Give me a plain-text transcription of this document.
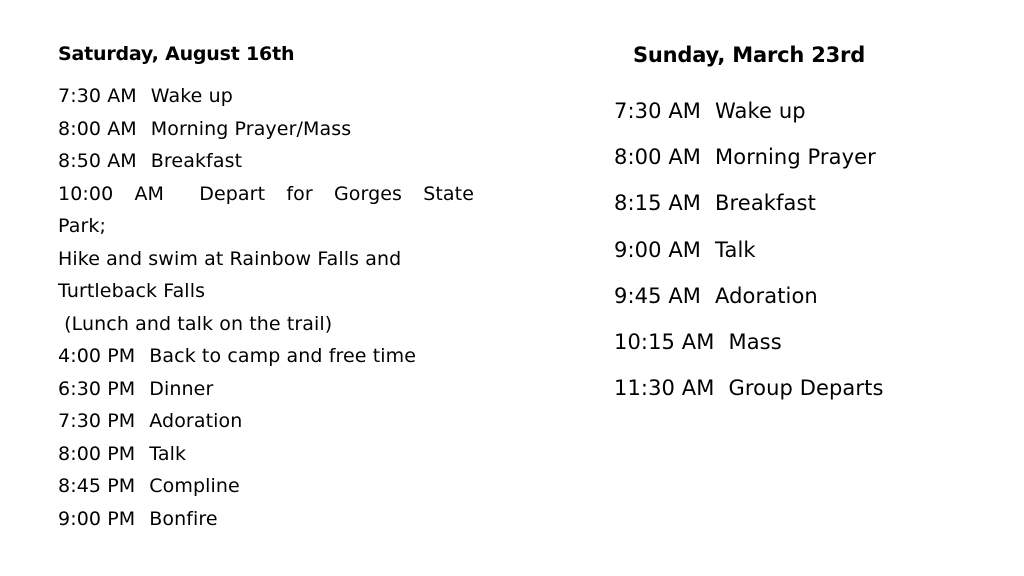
Saturday, August 16th
7:30 AM Wake up
8:00 AM Morning Prayer/Mass
8:50 AM Breakfast
10:00 AM Depart for Gorges State
Park;
Hike and swim at Rainbow Falls and
Turtleback Falls
(Lunch and talk on the trail)
4:00 PM Back to camp and free time
6:30 PM Dinner
7:30 PM Adoration
8:00 PM Talk
8:45 PM Compline
9:00 PM Bonfire
Sunday, March 23rd
7:30 AM Wake up
8:00 AM Morning Prayer
8:15 AM Breakfast
9:00 AM Talk
9:45 AM Adoration
10:15 AM Mass
11:30 AM Group Departs
